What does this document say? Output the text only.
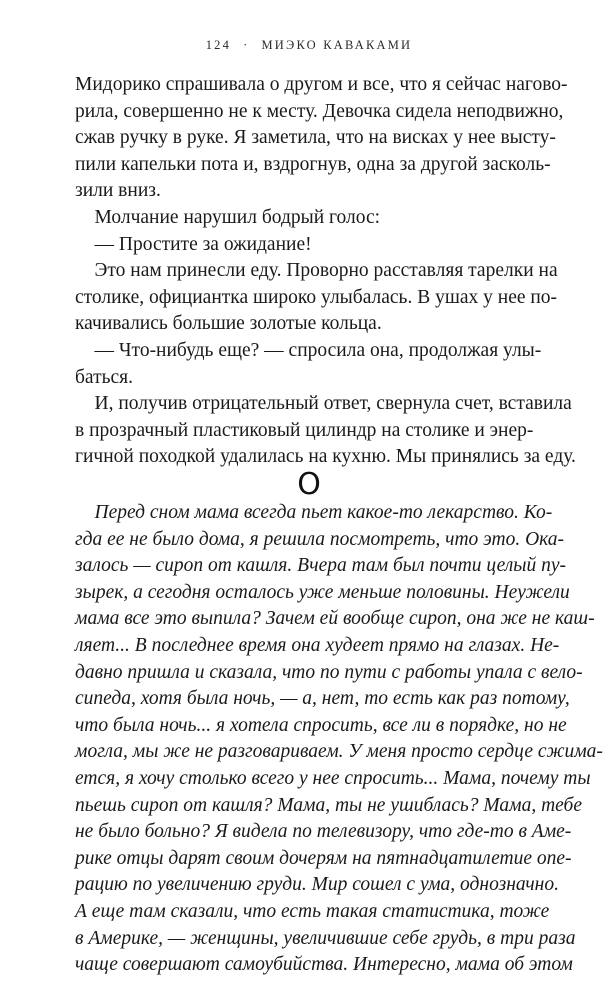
124 · МИЭКО КАВАКАМИ

Мидорико спрашивала о другом и все, что я сейчас нагово-

рила, совершенно не к месту. Девочка сидела неподвижно,

сжав ручку в руке. Я заметила, что на висках у нее высту-

пили капельки пота и, вздрогнув, одна за другой засколь-

зили вниз.

Молчание нарушил бодрый голос:

— Простите за ожидание!

Это нам принесли еду. Проворно расставляя тарелки на

столике, официантка широко улыбалась. В ушах у нее по-

качивались большие золотые кольца.

— Что-нибудь еще? — спросила она, продолжая улы-

баться.

И, получив отрицательный ответ, свернула счет, вставила

в прозрачный пластиковый цилиндр на столике и энер-

гичной походкой удалилась на кухню. Мы принялись за еду.

O

Перед сном мама всегда пьет какое-то лекарство. Ко-

гда ее не было дома, я решила посмотреть, что это. Ока-

залось — сироп от кашля. Вчера там был почти целый пу-

зырек, а сегодня осталось уже меньше половины. Неужели

мама все это выпила? Зачем ей вообще сироп, она же не каш-

ляет... В последнее время она худеет прямо на глазах. Не-

давно пришла и сказала, что по пути с работы упала с вело-

сипеда, хотя была ночь, — а, нет, то есть как раз потому,

что была ночь... я хотела спросить, все ли в порядке, но не

могла, мы же не разговариваем. У меня просто сердце сжима-

ется, я хочу столько всего у нее спросить... Мама, почему ты

пьешь сироп от кашля? Мама, ты не ушиблась? Мама, тебе

не было больно? Я видела по телевизору, что где-то в Аме-

рике отцы дарят своим дочерям на пятнадцатилетие опе-

рацию по увеличению груди. Мир сошел с ума, однозначно.

А еще там сказали, что есть такая статистика, тоже

в Америке, — женщины, увеличившие себе грудь, в три раза

чаще совершают самоубийства. Интересно, мама об этом
